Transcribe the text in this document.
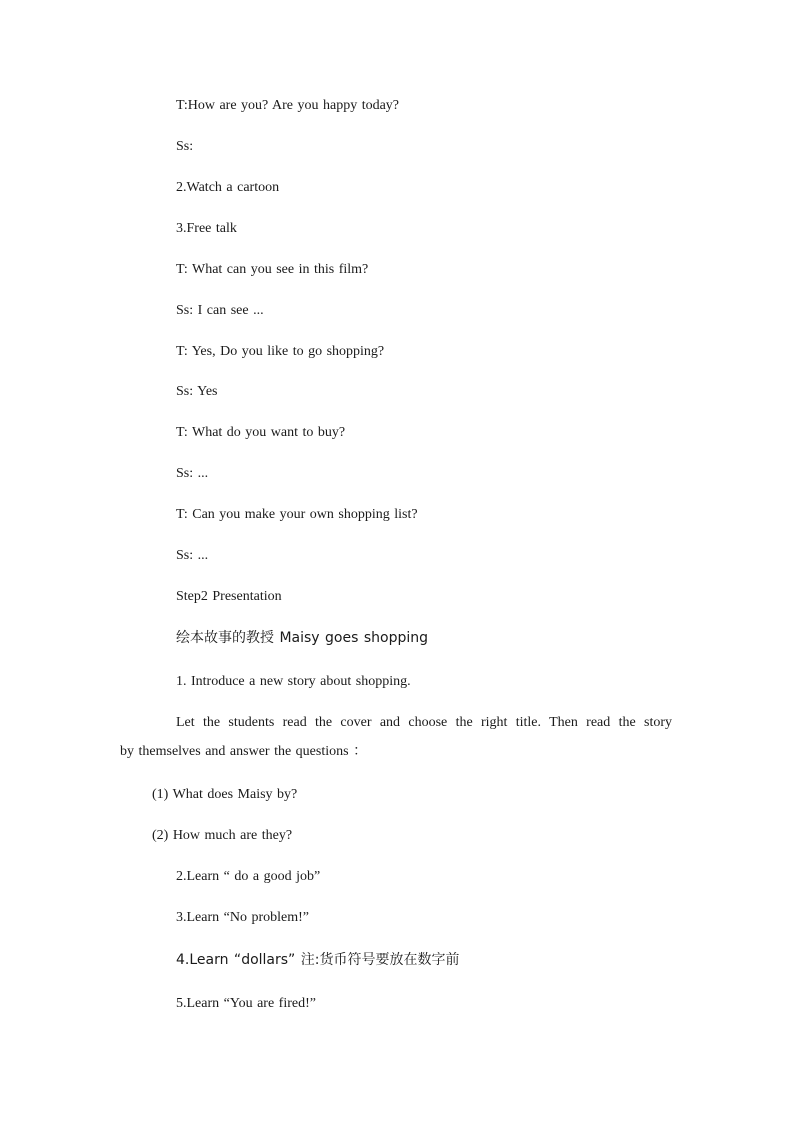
T:How are you? Are you happy today?
Ss:
2.Watch a cartoon
3.Free talk
T: What can you see in this film?
Ss: I can see ...
T: Yes, Do you like to go shopping?
Ss: Yes
T: What do you want to buy?
Ss: ...
T: Can you make your own shopping list?
Ss: ...
Step2 Presentation
绘本故事的教授 Maisy goes shopping
1. Introduce a new story about shopping.
Let the students read the cover and choose the right title. Then read the story
by themselves and answer the questions ：
(1) What does Maisy by?
(2) How much are they?
2.Learn “ do a good job”
3.Learn “No problem!”
4.Learn “dollars” 注:货币符号要放在数字前
5.Learn “You are fired!”
